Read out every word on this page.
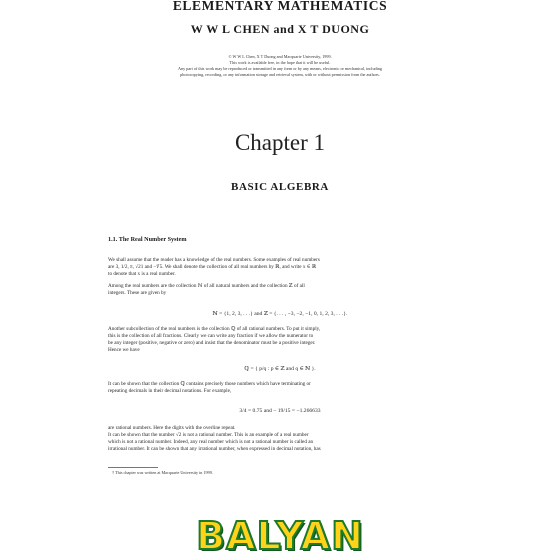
ELEMENTARY MATHEMATICS
W W L CHEN and X T DUONG
© W W L Chen, X T Duong and Macquarie University, 1999.
This work is available free, in the hope that it will be useful.
Any part of this work may be reproduced or transmitted in any form or by any means, electronic or mechanical, including
photocopying, recording, or any information storage and retrieval system, with or without permission from the authors.
Chapter 1
BASIC ALGEBRA
1.1. The Real Number System
We shall assume that the reader has a knowledge of the real numbers. Some examples of real numbers
are 3, 1/2, π, √21 and −∛5. We shall denote the collection of all real numbers by ℝ, and write x ∈ ℝ
to denote that x is a real number.
Among the real numbers are the collection ℕ of all natural numbers and the collection ℤ of all
integers. These are given by
ℕ = {1, 2, 3, . . .} and ℤ = {. . . , −3, −2, −1, 0, 1, 2, 3, . . .}.
Another subcollection of the real numbers is the collection ℚ of all rational numbers. To put it simply,
this is the collection of all fractions. Clearly we can write any fraction if we allow the numerator to
be any integer (positive, negative or zero) and insist that the denominator must be a positive integer.
Hence we have
ℚ = { p/q : p ∈ ℤ and q ∈ ℕ }.
It can be shown that the collection ℚ contains precisely those numbers which have terminating or
repeating decimals in their decimal notations. For example,
3/4 = 0.75 and − 19/15 = −1.266633
are rational numbers. Here the digits with the overline repeat.
It can be shown that the number √2 is not a rational number. This is an example of a real number
which is not a rational number. Indeed, any real number which is not a rational number is called an
irrational number. It can be shown that any irrational number, when expressed in decimal notation, has
† This chapter was written at Macquarie University in 1999.
BALYAN
